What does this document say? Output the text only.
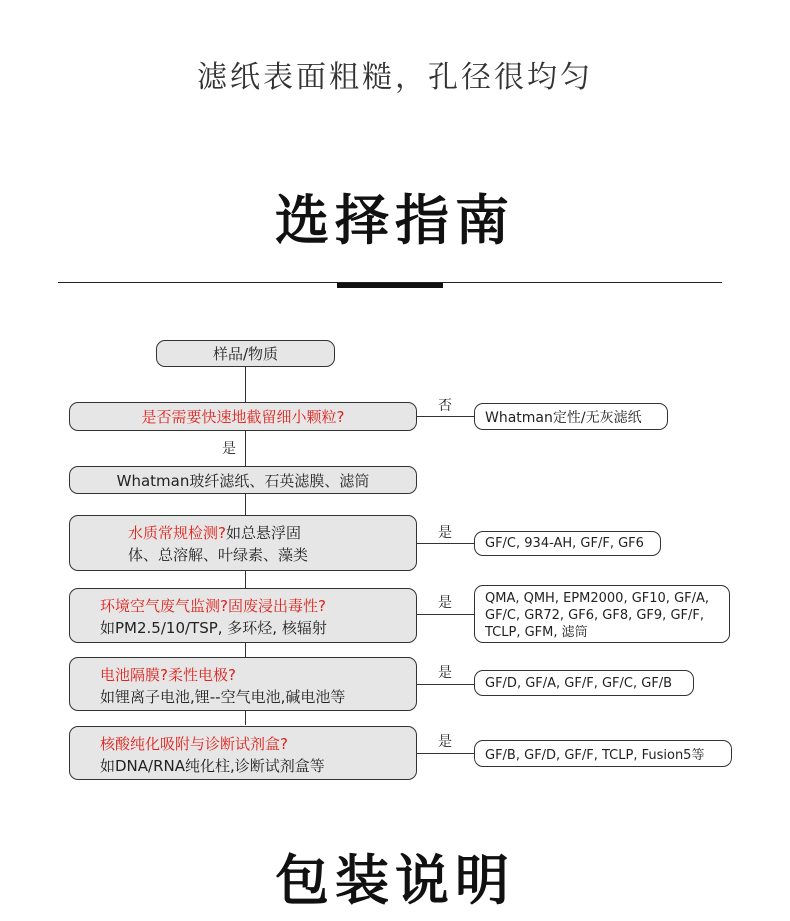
滤纸表面粗糙，孔径很均匀
选择指南
样品/物质
是否需要快速地截留细小颗粒?
否
Whatman定性/无灰滤纸
是
Whatman玻纤滤纸、石英滤膜、滤筒
水质常规检测?如总悬浮固
体、总溶解、叶绿素、藻类
是
GF/C, 934-AH, GF/F, GF6
环境空气废气监测?固废浸出毒性?
如PM2.5/10/TSP, 多环烃, 核辐射
是	QMA, QMH, EPM2000, GF10, GF/A,
GF/C, GR72, GF6, GF8, GF9, GF/F,
TCLP, GFM, 滤筒
电池隔膜?柔性电极?
如锂离子电池,锂--空气电池,碱电池等
是
GF/D, GF/A, GF/F, GF/C, GF/B
核酸纯化吸附与诊断试剂盒?
如DNA/RNA纯化柱,诊断试剂盒等
是
GF/B, GF/D, GF/F, TCLP, Fusion5等
包装说明
